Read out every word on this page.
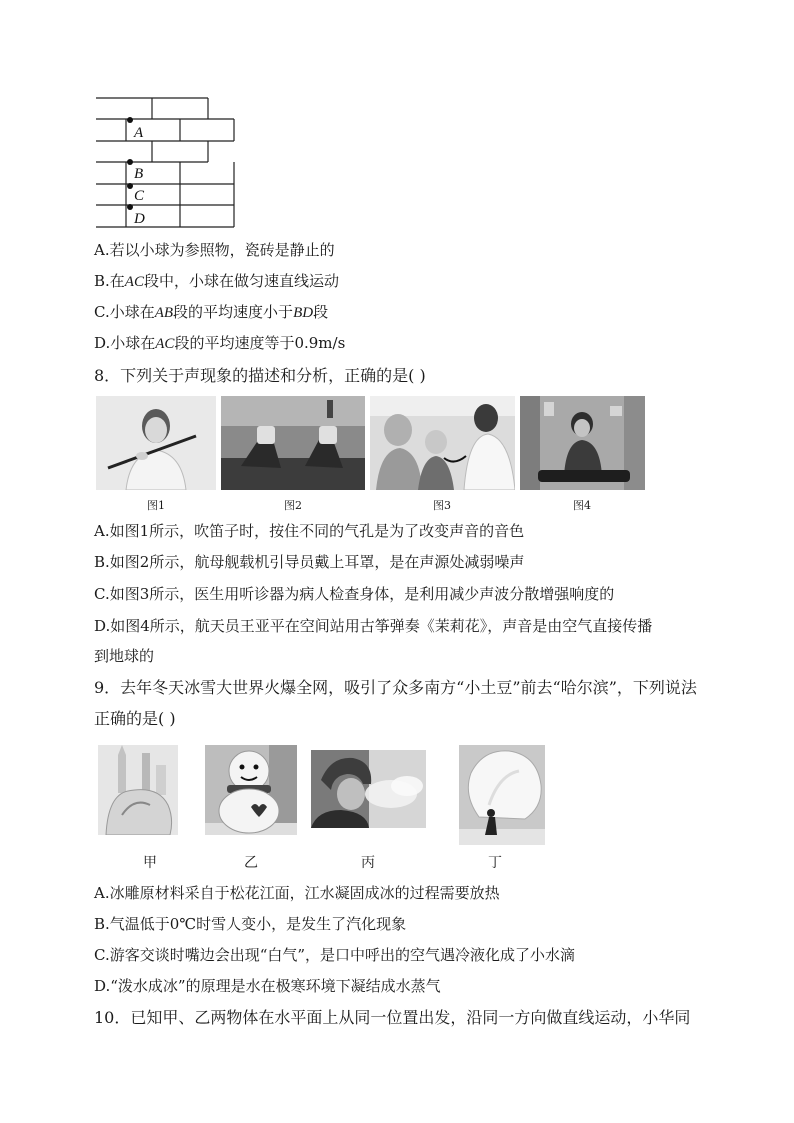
A
B
C
D
A.若以小球为参照物，瓷砖是静止的
B.在AC段中，小球在做匀速直线运动
C.小球在AB段的平均速度小于BD段
D.小球在AC段的平均速度等于0.9m/s
8．下列关于声现象的描述和分析，正确的是( )
图1	图2	图3	图4
A.如图1所示，吹笛子时，按住不同的气孔是为了改变声音的音色
B.如图2所示，航母舰载机引导员戴上耳罩，是在声源处减弱噪声
C.如图3所示，医生用听诊器为病人检查身体，是利用减少声波分散增强响度的
D.如图4所示，航天员王亚平在空间站用古筝弹奏《茉莉花》，声音是由空气直接传播
到地球的
9．去年冬天冰雪大世界火爆全网，吸引了众多南方“小土豆”前去“哈尔滨”，下列说法
正确的是( )
甲	乙	丙	丁
A.冰雕原材料采自于松花江面，江水凝固成冰的过程需要放热
B.气温低于0℃时雪人变小，是发生了汽化现象
C.游客交谈时嘴边会出现“白气”，是口中呼出的空气遇冷液化成了小水滴
D.“泼水成冰”的原理是水在极寒环境下凝结成水蒸气
10．已知甲、乙两物体在水平面上从同一位置出发，沿同一方向做直线运动，小华同
